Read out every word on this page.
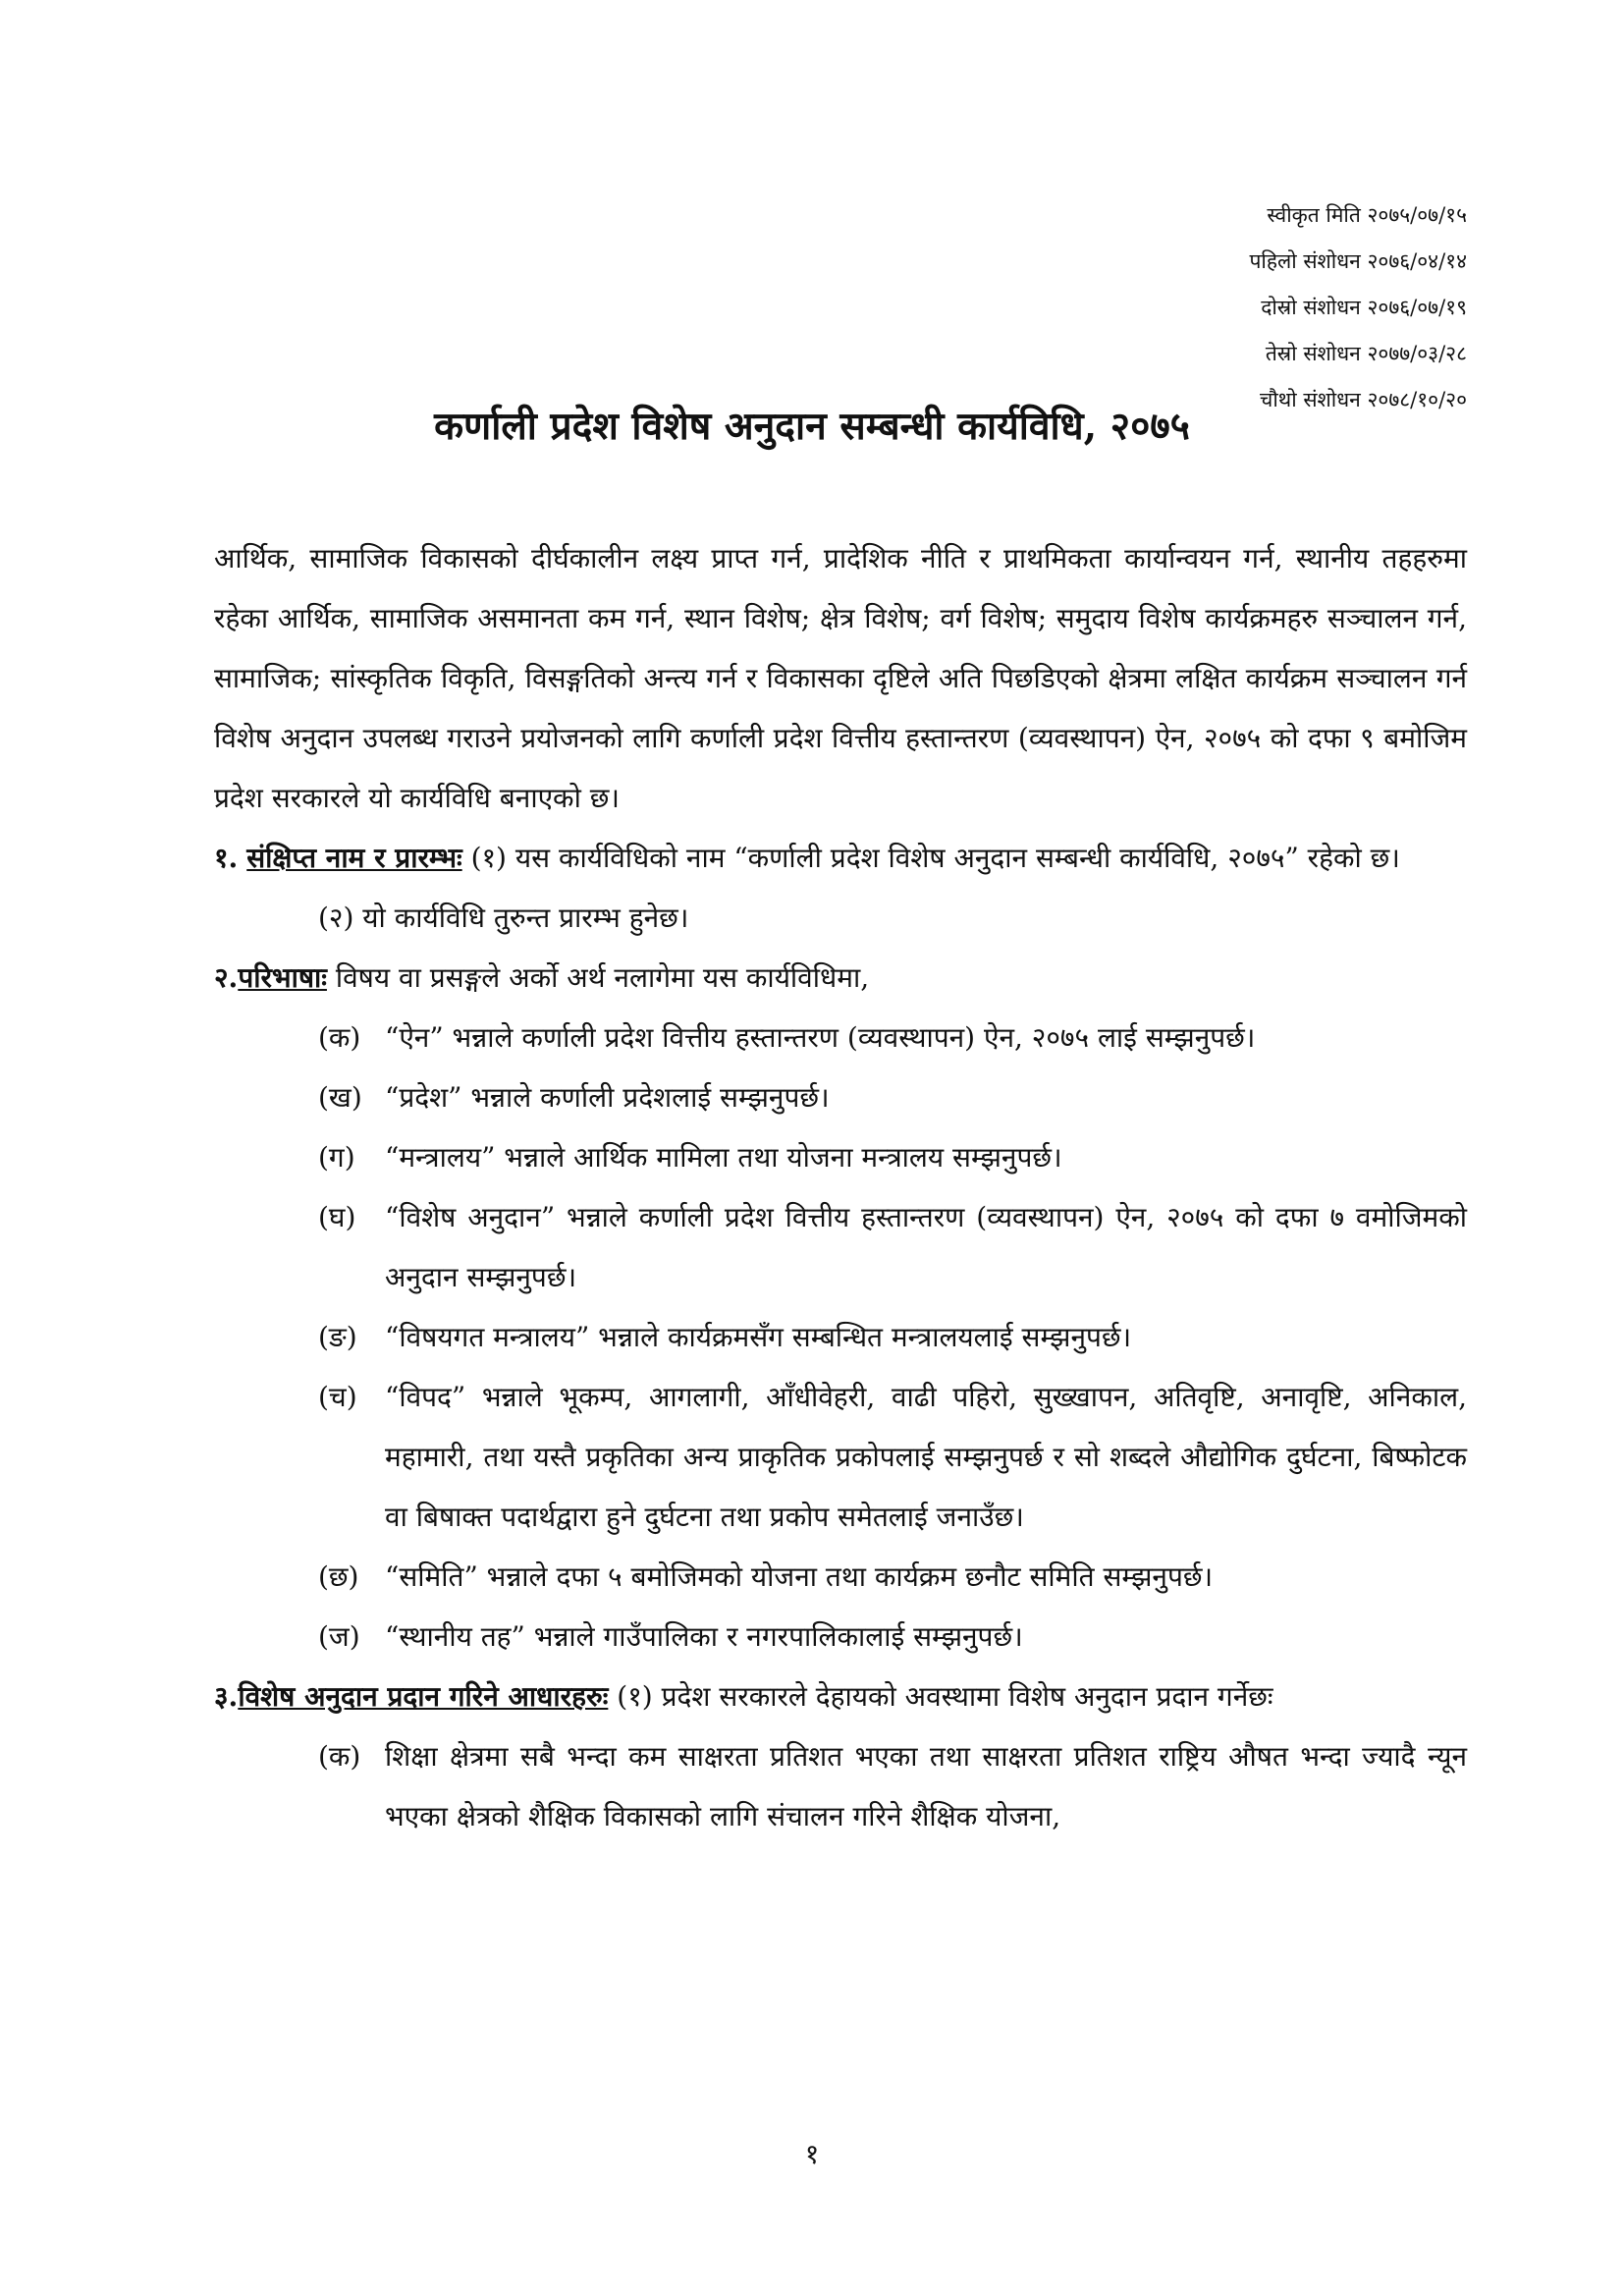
स्वीकृत मिति २०७५/०७/१५
पहिलो संशोधन २०७६/०४/१४
दोस्रो संशोधन २०७६/०७/१९
तेस्रो संशोधन २०७७/०३/२८
चौथो संशोधन २०७८/१०/२०
कर्णाली प्रदेश विशेष अनुदान सम्बन्धी कार्यविधि, २०७५

आर्थिक, सामाजिक विकासको दीर्घकालीन लक्ष्य प्राप्त गर्न, प्रादेशिक नीति र प्राथमिकता कार्यान्वयन गर्न, स्थानीय तहहरुमा रहेका आर्थिक, सामाजिक असमानता कम गर्न, स्थान विशेष; क्षेत्र विशेष; वर्ग विशेष; समुदाय विशेष कार्यक्रमहरु सञ्चालन गर्न, सामाजिक; सांस्कृतिक विकृति, विसङ्गतिको अन्त्य गर्न र विकासका दृष्टिले अति पिछडिएको क्षेत्रमा लक्षित कार्यक्रम सञ्चालन गर्न विशेष अनुदान उपलब्ध गराउने प्रयोजनको लागि कर्णाली प्रदेश वित्तीय हस्तान्तरण (व्यवस्थापन) ऐन, २०७५ को दफा ९ बमोजिम प्रदेश सरकारले यो कार्यविधि बनाएको छ।

१. संक्षिप्त नाम र प्रारम्भः (१) यस कार्यविधिको नाम “कर्णाली प्रदेश विशेष अनुदान सम्बन्धी कार्यविधि, २०७५” रहेको छ।

(२) यो कार्यविधि तुरुन्त प्रारम्भ हुनेछ।

२.परिभाषाः विषय वा प्रसङ्गले अर्को अर्थ नलागेमा यस कार्यविधिमा,

(क) “ऐन” भन्नाले कर्णाली प्रदेश वित्तीय हस्तान्तरण (व्यवस्थापन) ऐन, २०७५ लाई सम्झनुपर्छ।
(ख) “प्रदेश” भन्नाले कर्णाली प्रदेशलाई सम्झनुपर्छ।
(ग)	“मन्त्रालय” भन्नाले आर्थिक मामिला तथा योजना मन्त्रालय सम्झनुपर्छ।
(घ)	“विशेष अनुदान” भन्नाले कर्णाली प्रदेश वित्तीय हस्तान्तरण (व्यवस्थापन) ऐन, २०७५ को दफा ७ वमोजिमको अनुदान सम्झनुपर्छ।
(ङ)	“विषयगत मन्त्रालय” भन्नाले कार्यक्रमसँग सम्बन्धित मन्त्रालयलाई सम्झनुपर्छ।
(च)	“विपद” भन्नाले भूकम्प, आगलागी, आँधीवेहरी, वाढी पहिरो, सुख्खापन, अतिवृष्टि, अनावृष्टि, अनिकाल, महामारी, तथा यस्तै प्रकृतिका अन्य प्राकृतिक प्रकोपलाई सम्झनुपर्छ र सो शब्दले औद्योगिक दुर्घटना, बिष्फोटक वा बिषाक्त पदार्थद्वारा हुने दुर्घटना तथा प्रकोप समेतलाई जनाउँछ।
(छ) “समिति” भन्नाले दफा ५ बमोजिमको योजना तथा कार्यक्रम छनौट समिति सम्झनुपर्छ।
(ज) “स्थानीय तह” भन्नाले गाउँपालिका र नगरपालिकालाई सम्झनुपर्छ।

३.विशेष अनुदान प्रदान गरिने आधारहरुः (१) प्रदेश सरकारले देहायको अवस्थामा विशेष अनुदान प्रदान गर्नेछः

(क) शिक्षा क्षेत्रमा सबै भन्दा कम साक्षरता प्रतिशत भएका तथा साक्षरता प्रतिशत राष्ट्रिय औषत भन्दा ज्यादै न्यून भएका क्षेत्रको शैक्षिक विकासको लागि संचालन गरिने शैक्षिक योजना,
१
